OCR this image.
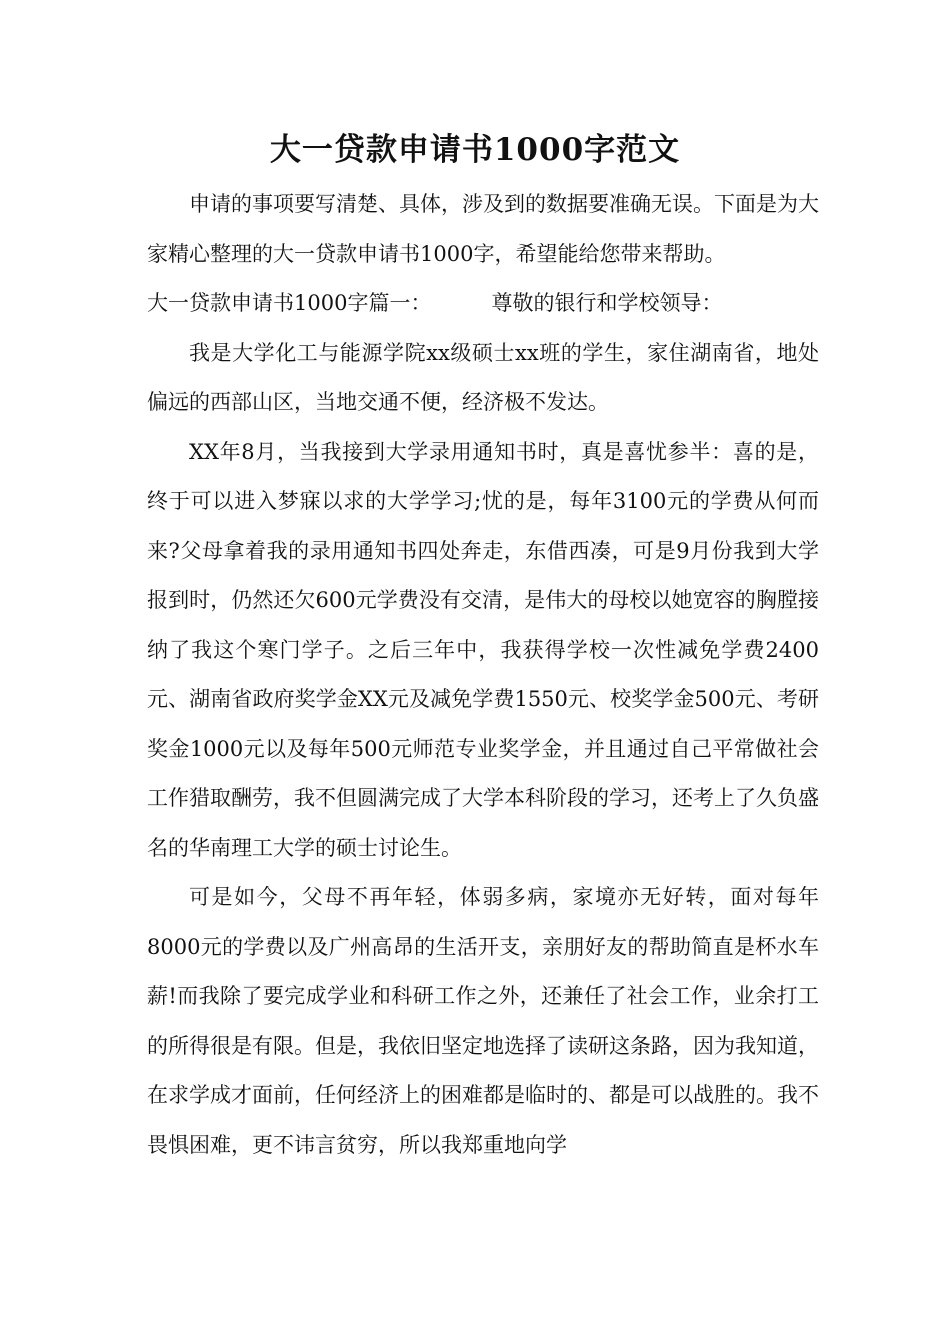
大一贷款申请书1000字范文

申请的事项要写清楚、具体，涉及到的数据要准确无误。下面是为大家精心整理的大一贷款申请书1000字，希望能给您带来帮助。

大一贷款申请书1000字篇一：	尊敬的银行和学校领导：

我是大学化工与能源学院xx级硕士xx班的学生，家住湖南省，地处偏远的西部山区，当地交通不便，经济极不发达。

XX年8月，当我接到大学录用通知书时，真是喜忧参半：喜的是，终于可以进入梦寐以求的大学学习;忧的是，每年3100元的学费从何而来?父母拿着我的录用通知书四处奔走，东借西凑，可是9月份我到大学报到时，仍然还欠600元学费没有交清，是伟大的母校以她宽容的胸膛接纳了我这个寒门学子。之后三年中，我获得学校一次性减免学费2400元、湖南省政府奖学金XX元及减免学费1550元、校奖学金500元、考研奖金1000元以及每年500元师范专业奖学金，并且通过自己平常做社会工作猎取酬劳，我不但圆满完成了大学本科阶段的学习，还考上了久负盛名的华南理工大学的硕士讨论生。

可是如今，父母不再年轻，体弱多病，家境亦无好转，面对每年8000元的学费以及广州高昂的生活开支，亲朋好友的帮助简直是杯水车薪!而我除了要完成学业和科研工作之外，还兼任了社会工作，业余打工的所得很是有限。但是，我依旧坚定地选择了读研这条路，因为我知道，在求学成才面前，任何经济上的困难都是临时的、都是可以战胜的。我不畏惧困难，更不讳言贫穷，所以我郑重地向学
